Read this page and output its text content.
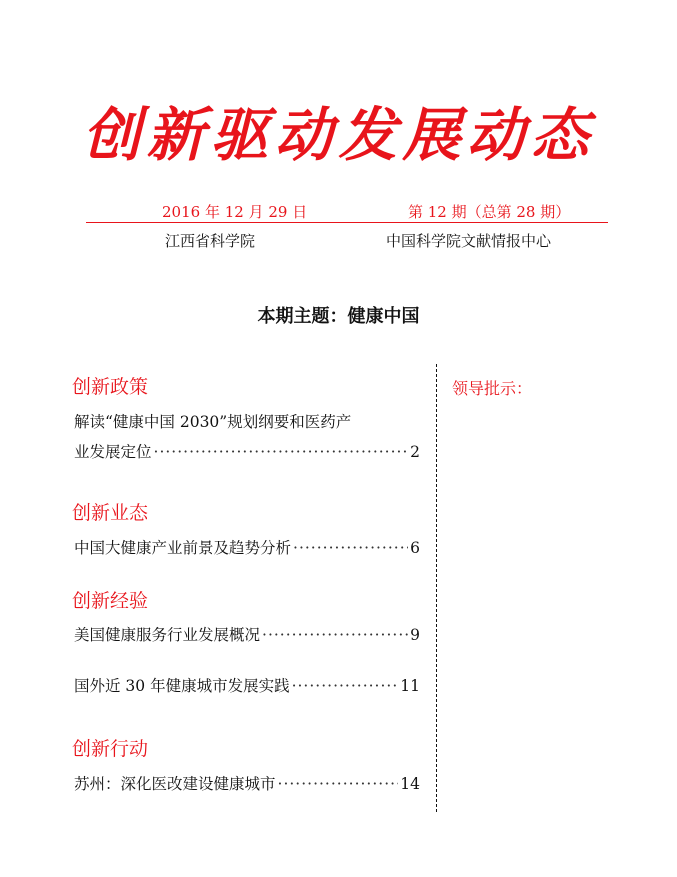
创新驱动发展动态
2016 年 12 月 29 日	第 12 期（总第 28 期）
江西省科学院	中国科学院文献情报中心
本期主题：健康中国
领导批示：
创新政策
解读“健康中国 2030”规划纲要和医药产
业发展定位 ·····	2
创新业态
中国大健康产业前景及趋势分析 ·····	6
创新经验
美国健康服务行业发展概况 ·····	9
国外近 30 年健康城市发展实践 ·····	11
创新行动
苏州：深化医改建设健康城市 ·····	14
